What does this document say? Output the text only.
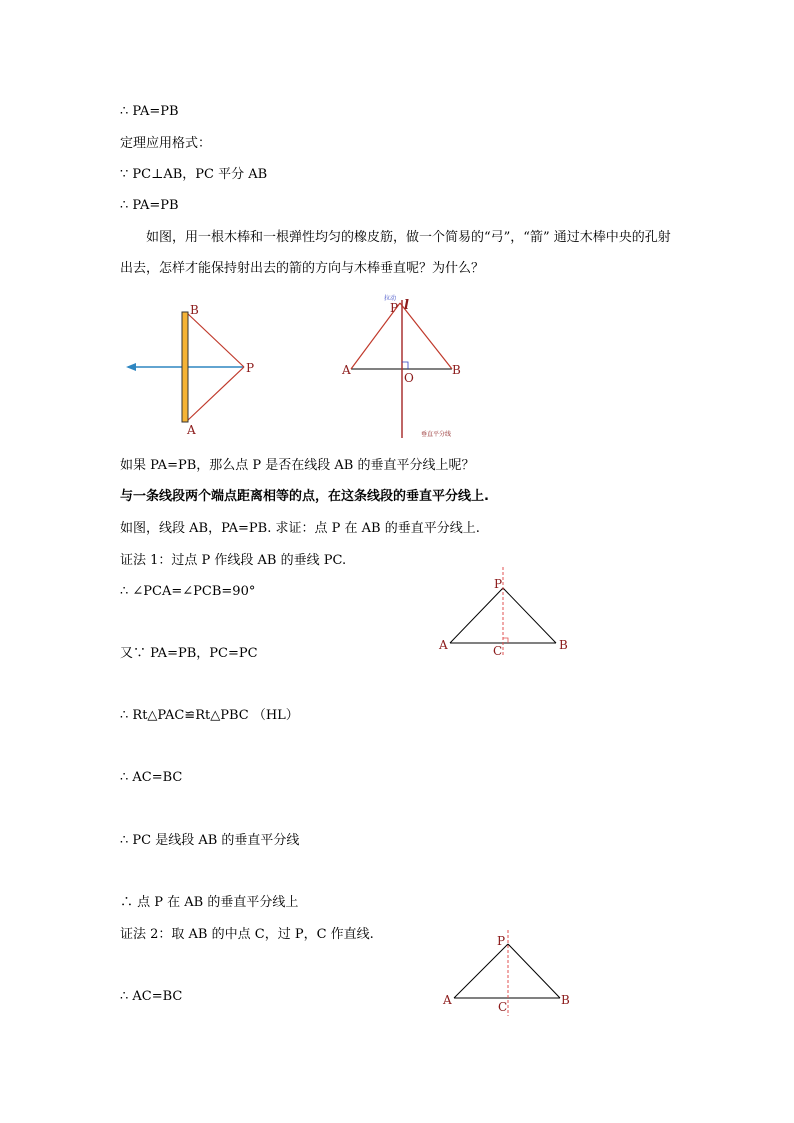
∴ PA=PB
定理应用格式：
∵ PC⊥AB，PC 平分 AB
∴ PA=PB
如图，用一根木棒和一根弹性均匀的橡皮筋，做一个简易的“弓”，“箭” 通过木棒中央的孔射出去，怎样才能保持射出去的箭的方向与木棒垂直呢？为什么？
B
A
P
拉动
P l
A
O
B
垂直平分线
如果 PA=PB，那么点 P 是否在线段 AB 的垂直平分线上呢？
与一条线段两个端点距离相等的点，在这条线段的垂直平分线上.
如图，线段 AB，PA=PB. 求证：点 P 在 AB 的垂直平分线上.
证法 1：过点 P 作线段 AB 的垂线 PC.
∴ ∠PCA=∠PCB=90°	P
A	C	B
又∵ PA=PB，PC=PC
∴ Rt△PAC≌Rt△PBC （HL）
∴ AC=BC
∴ PC 是线段 AB 的垂直平分线
∴ 点 P 在 AB 的垂直平分线上
证法 2：取 AB 的中点 C，过 P，C 作直线.
∴ AC=BC
P
A	C	B
